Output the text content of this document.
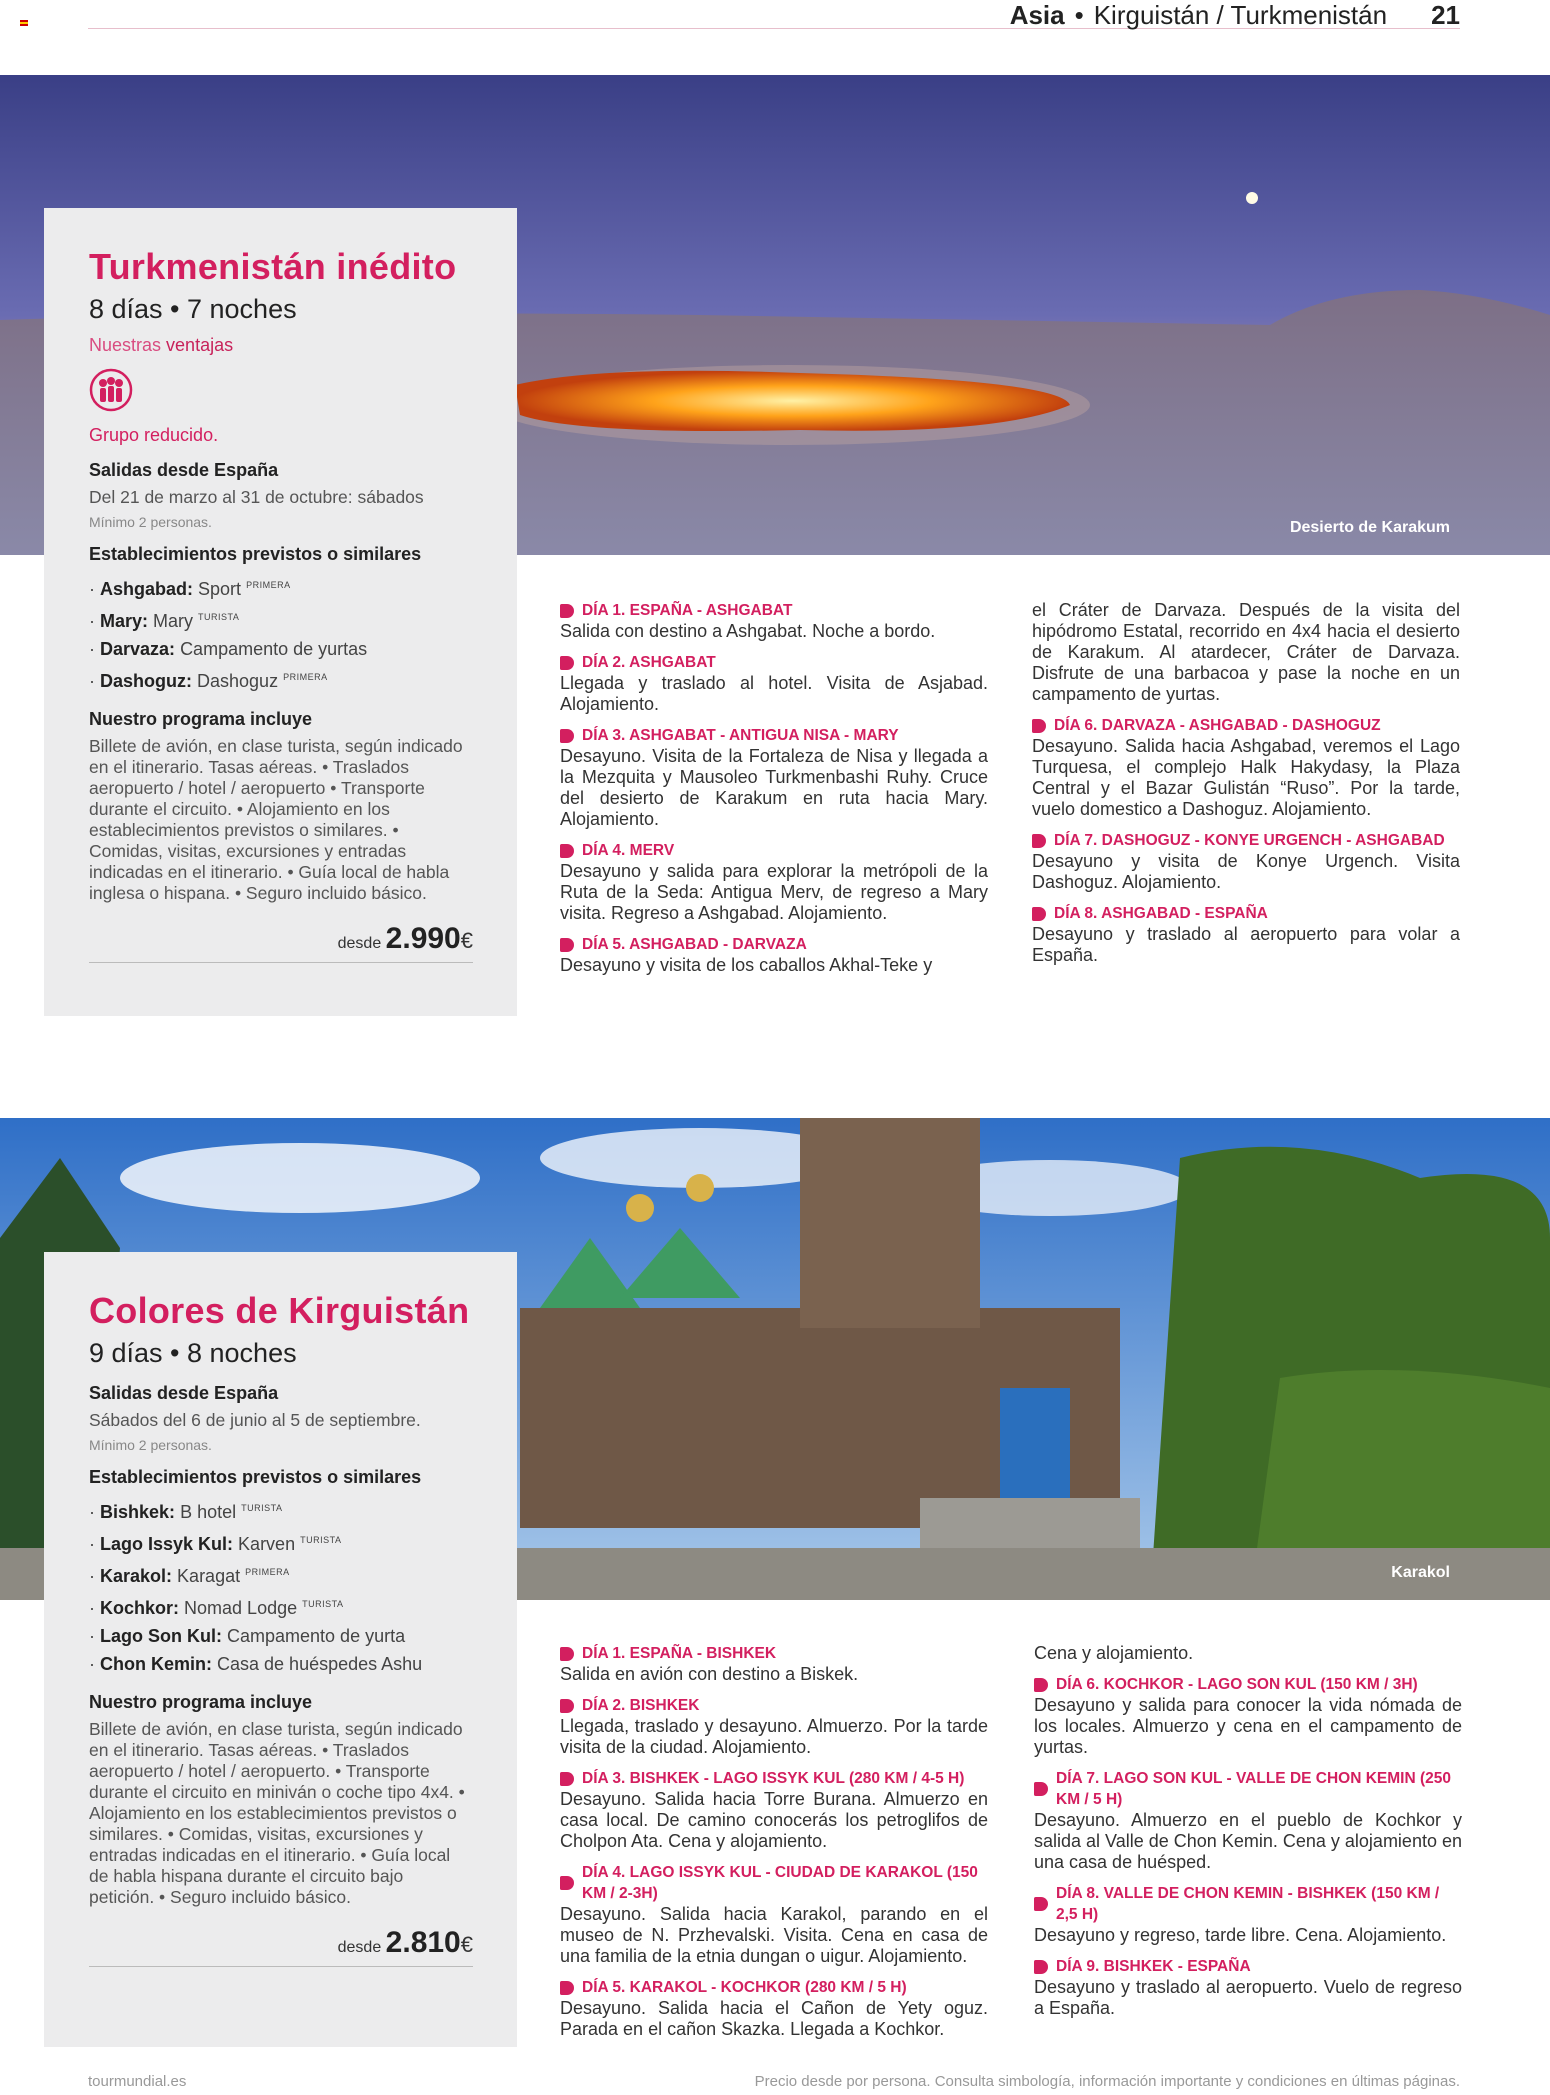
Asia • Kirguistán / Turkmenistán 21
Desierto de Karakum
Turkmenistán inédito
8 días • 7 noches
Nuestras ventajas
Grupo reducido.
Salidas desde España
Del 21 de marzo al 31 de octubre: sábados
Mínimo 2 personas.
Establecimientos previstos o similares
· Ashgabad: Sport $^{PRIMERA}$
· Mary: Mary $^{TURISTA}$
· Darvaza: Campamento de yurtas
· Dashoguz: Dashoguz $^{PRIMERA}$
Nuestro programa incluye
Billete de avión, en clase turista, según indicado en el itinerario. Tasas aéreas. • Traslados aeropuerto / hotel / aeropuerto • Transporte durante el circuito. • Alojamiento en los establecimientos previstos o similares. • Comidas, visitas, excursiones y entradas indicadas en el itinerario. • Guía local de habla inglesa o hispana. • Seguro incluido básico.
desde 2.990€
DÍA 1. ESPAÑA - ASHGABAT
Salida con destino a Ashgabat. Noche a bordo.
DÍA 2. ASHGABAT
Llegada y traslado al hotel. Visita de Asjabad. Alojamiento.
DÍA 3. ASHGABAT - ANTIGUA NISA - MARY
Desayuno. Visita de la Fortaleza de Nisa y llegada a la Mezquita y Mausoleo Turkmenbashi Ruhy. Cruce del desierto de Karakum en ruta hacia Mary. Alojamiento.
DÍA 4. MERV
Desayuno y salida para explorar la metrópoli de la Ruta de la Seda: Antigua Merv, de regreso a Mary visita. Regreso a Ashgabad. Alojamiento.
DÍA 5. ASHGABAD - DARVAZA
Desayuno y visita de los caballos Akhal-Teke y
el Cráter de Darvaza. Después de la visita del hipódromo Estatal, recorrido en 4x4 hacia el desierto de Karakum. Al atardecer, Cráter de Darvaza. Disfrute de una barbacoa y pase la noche en un campamento de yurtas.
DÍA 6. DARVAZA - ASHGABAD - DASHOGUZ
Desayuno. Salida hacia Ashgabad, veremos el Lago Turquesa, el complejo Halk Hakydasy, la Plaza Central y el Bazar Gulistán “Ruso”. Por la tarde, vuelo domestico a Dashoguz. Alojamiento.
DÍA 7. DASHOGUZ - KONYE URGENCH - ASHGABAD
Desayuno y visita de Konye Urgench. Visita Dashoguz. Alojamiento.
DÍA 8. ASHGABAD - ESPAÑA
Desayuno y traslado al aeropuerto para volar a España.
Karakol
Colores de Kirguistán
9 días • 8 noches
Salidas desde España
Sábados del 6 de junio al 5 de septiembre.
Mínimo 2 personas.
Establecimientos previstos o similares
· Bishkek: B hotel $^{TURISTA}$
· Lago Issyk Kul: Karven $^{TURISTA}$
· Karakol: Karagat $^{PRIMERA}$
· Kochkor: Nomad Lodge $^{TURISTA}$
· Lago Son Kul: Campamento de yurta
· Chon Kemin: Casa de huéspedes Ashu
Nuestro programa incluye
Billete de avión, en clase turista, según indicado en el itinerario. Tasas aéreas. • Traslados aeropuerto / hotel / aeropuerto. • Transporte durante el circuito en miniván o coche tipo 4x4. • Alojamiento en los establecimientos previstos o similares. • Comidas, visitas, excursiones y entradas indicadas en el itinerario. • Guía local de habla hispana durante el circuito bajo petición. • Seguro incluido básico.
desde 2.810€
DÍA 1. ESPAÑA - BISHKEK
Salida en avión con destino a Biskek.
DÍA 2. BISHKEK
Llegada, traslado y desayuno. Almuerzo. Por la tarde visita de la ciudad. Alojamiento.
DÍA 3. BISHKEK - LAGO ISSYK KUL (280 KM / 4-5 H)
Desayuno. Salida hacia Torre Burana. Almuerzo en casa local. De camino conocerás los petroglifos de Cholpon Ata. Cena y alojamiento.
DÍA 4. LAGO ISSYK KUL - CIUDAD DE KARAKOL (150 KM / 2-3H)
Desayuno. Salida hacia Karakol, parando en el museo de N. Przhevalski. Visita. Cena en casa de una familia de la etnia dungan o uigur. Alojamiento.
DÍA 5. KARAKOL - KOCHKOR (280 KM / 5 H)
Desayuno. Salida hacia el Cañon de Yety oguz. Parada en el cañon Skazka. Llegada a Kochkor.
Cena y alojamiento.
DÍA 6. KOCHKOR - LAGO SON KUL (150 KM / 3H)
Desayuno y salida para conocer la vida nómada de los locales. Almuerzo y cena en el campamento de yurtas.
DÍA 7. LAGO SON KUL - VALLE DE CHON KEMIN (250 KM / 5 H)
Desayuno. Almuerzo en el pueblo de Kochkor y salida al Valle de Chon Kemin. Cena y alojamiento en una casa de huésped.
DÍA 8. VALLE DE CHON KEMIN - BISHKEK (150 KM / 2,5 H)
Desayuno y regreso, tarde libre. Cena. Alojamiento.
DÍA 9. BISHKEK - ESPAÑA
Desayuno y traslado al aeropuerto. Vuelo de regreso a España.
tourmundial.es	Precio desde por persona. Consulta simbología, información importante y condiciones en últimas páginas.
